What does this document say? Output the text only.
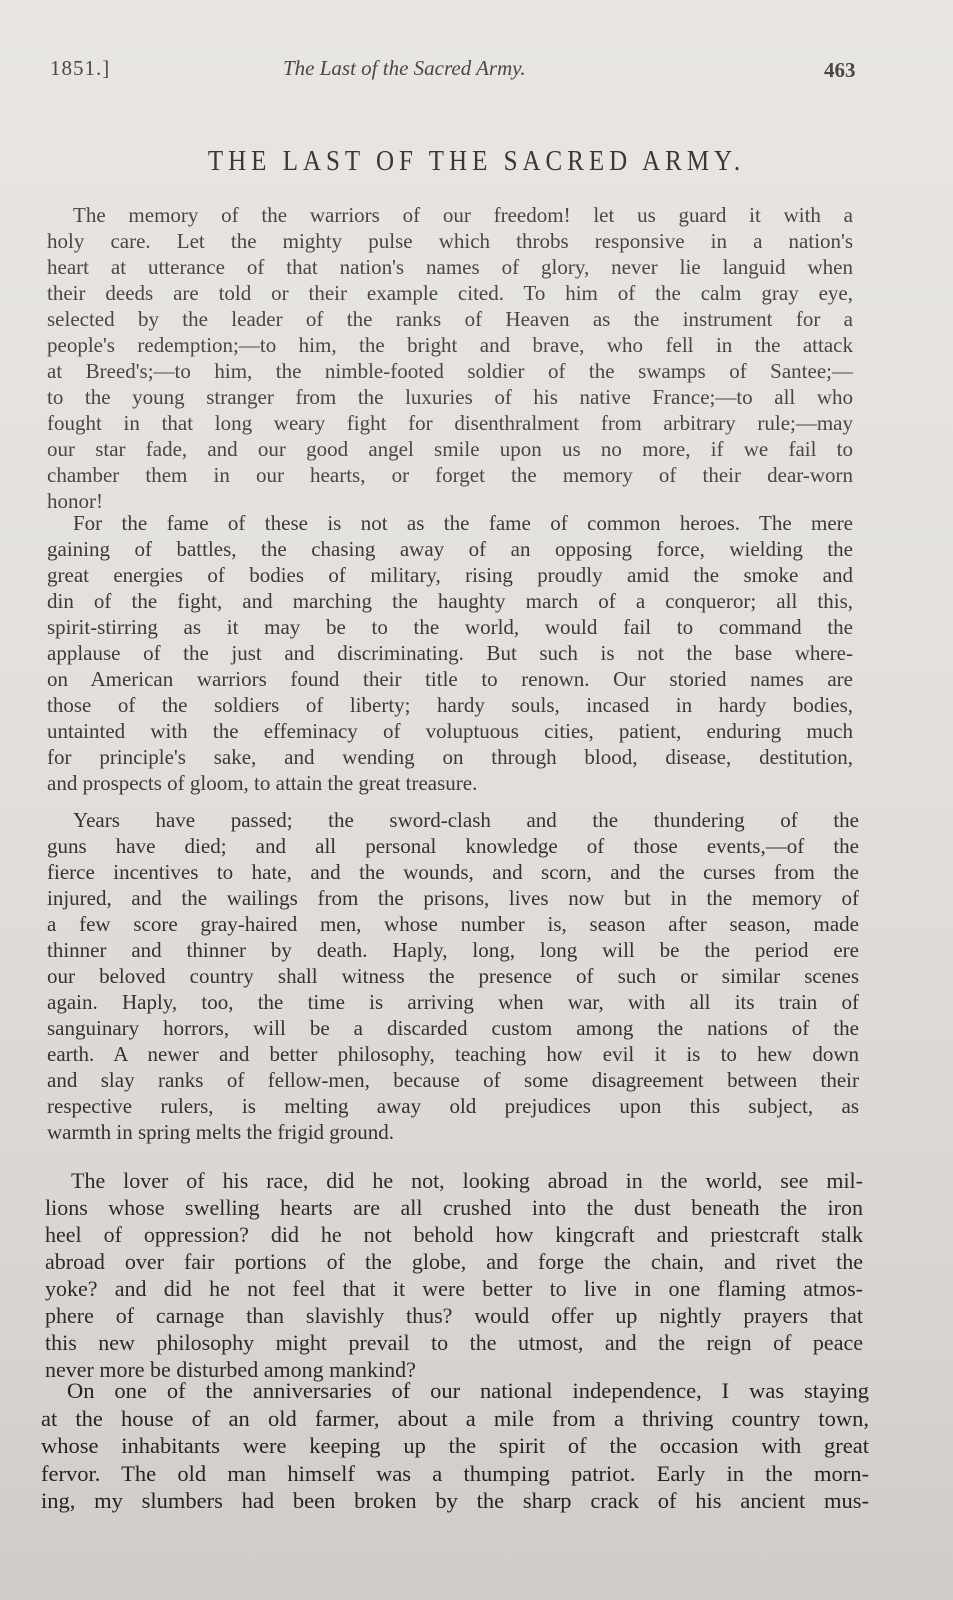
1851.]	The Last of the Sacred Army.	463
THE LAST OF THE SACRED ARMY.
The memory of the warriors of our freedom! let us guard it with a
holy care. Let the mighty pulse which throbs responsive in a nation's
heart at utterance of that nation's names of glory, never lie languid when
their deeds are told or their example cited. To him of the calm gray eye,
selected by the leader of the ranks of Heaven as the instrument for a
people's redemption;—to him, the bright and brave, who fell in the attack
at Breed's;—to him, the nimble-footed soldier of the swamps of Santee;—
to the young stranger from the luxuries of his native France;—to all who
fought in that long weary fight for disenthralment from arbitrary rule;—may
our star fade, and our good angel smile upon us no more, if we fail to
chamber them in our hearts, or forget the memory of their dear-worn
honor!
For the fame of these is not as the fame of common heroes. The mere
gaining of battles, the chasing away of an opposing force, wielding the
great energies of bodies of military, rising proudly amid the smoke and
din of the fight, and marching the haughty march of a conqueror; all this,
spirit-stirring as it may be to the world, would fail to command the
applause of the just and discriminating. But such is not the base where-
on American warriors found their title to renown. Our storied names are
those of the soldiers of liberty; hardy souls, incased in hardy bodies,
untainted with the effeminacy of voluptuous cities, patient, enduring much
for principle's sake, and wending on through blood, disease, destitution,
and prospects of gloom, to attain the great treasure.
Years have passed; the sword-clash and the thundering of the
guns have died; and all personal knowledge of those events,—of the
fierce incentives to hate, and the wounds, and scorn, and the curses from the
injured, and the wailings from the prisons, lives now but in the memory of
a few score gray-haired men, whose number is, season after season, made
thinner and thinner by death. Haply, long, long will be the period ere
our beloved country shall witness the presence of such or similar scenes
again. Haply, too, the time is arriving when war, with all its train of
sanguinary horrors, will be a discarded custom among the nations of the
earth. A newer and better philosophy, teaching how evil it is to hew down
and slay ranks of fellow-men, because of some disagreement between their
respective rulers, is melting away old prejudices upon this subject, as
warmth in spring melts the frigid ground.
The lover of his race, did he not, looking abroad in the world, see mil-
lions whose swelling hearts are all crushed into the dust beneath the iron
heel of oppression? did he not behold how kingcraft and priestcraft stalk
abroad over fair portions of the globe, and forge the chain, and rivet the
yoke? and did he not feel that it were better to live in one flaming atmos-
phere of carnage than slavishly thus? would offer up nightly prayers that
this new philosophy might prevail to the utmost, and the reign of peace
never more be disturbed among mankind?
On one of the anniversaries of our national independence, I was staying
at the house of an old farmer, about a mile from a thriving country town,
whose inhabitants were keeping up the spirit of the occasion with great
fervor. The old man himself was a thumping patriot. Early in the morn-
ing, my slumbers had been broken by the sharp crack of his ancient mus-
